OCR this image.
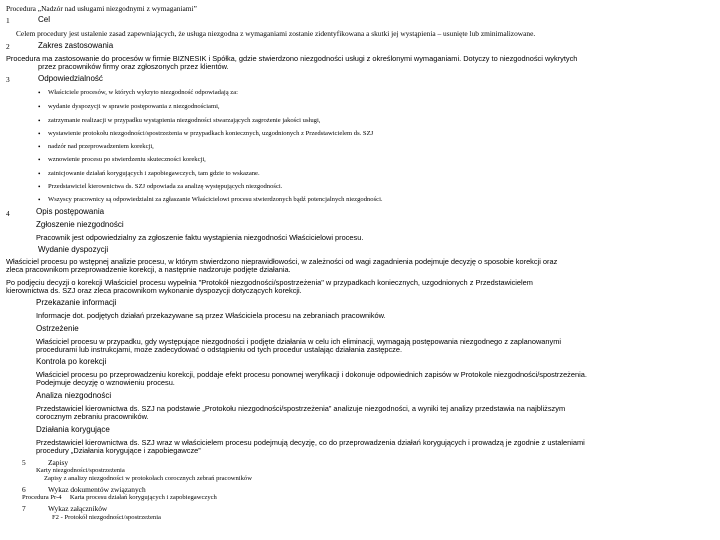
Procedura „Nadzór nad usługami niezgodnymi z wymaganiami”
1	Cel
Celem procedury jest ustalenie zasad zapewniających, że usługa niezgodna z wymaganiami zostanie zidentyfikowana a skutki jej wystąpienia – usunięte lub zminimalizowane.
2	Zakres zastosowania
Procedura ma zastosowanie do procesów w firmie BIZNESIK i Spółka, gdzie stwierdzono niezgodności usługi z określonymi wymaganiami. Dotyczy to niezgodności wykrytych
przez pracowników firmy oraz zgłoszonych przez klientów.
3	Odpowiedzialność
• Właściciele procesów, w których wykryto niezgodność odpowiadają za:
• wydanie dyspozycji w sprawie postępowania z niezgodnościami,
• zatrzymanie realizacji w przypadku wystąpienia niezgodności stwarzających zagrożenie jakości usługi,
• wystawienie protokołu niezgodności/spostrzeżenia w przypadkach koniecznych, uzgodnionych z Przedstawicielem ds. SZJ
• nadzór nad przeprowadzeniem korekcji,
• wznowienie procesu po stwierdzeniu skuteczności korekcji,
• zainicjowanie działań korygujących i zapobiegawczych, tam gdzie to wskazane.
• Przedstawiciel kierownictwa ds. SZJ odpowiada za analizę występujących niezgodności.
• Wszyscy pracownicy są odpowiedzialni za zgłaszanie Właścicielowi procesu stwierdzonych bądź potencjalnych niezgodności.
4	Opis postępowania
Zgłoszenie niezgodności
Pracownik jest odpowiedzialny za zgłoszenie faktu wystąpienia niezgodności Właścicielowi procesu.
Wydanie dyspozycji
Właściciel procesu po wstępnej analizie procesu, w którym stwierdzono nieprawidłowości, w zależności od wagi zagadnienia podejmuje decyzję o sposobie korekcji oraz
zleca pracownikom przeprowadzenie korekcji, a następnie nadzoruje podjęte działania.
Po podjęciu decyzji o korekcji Właściciel procesu wypełnia "Protokół niezgodności/spostrzeżenia" w przypadkach koniecznych, uzgodnionych z Przedstawicielem
kierownictwa ds. SZJ oraz zleca pracownikom wykonanie dyspozycji dotyczących korekcji.
Przekazanie informacji
Informacje dot. podjętych działań przekazywane są przez Właściciela procesu na zebraniach pracowników.
Ostrzeżenie
Właściciel procesu w przypadku, gdy występujące niezgodności i podjęte działania w celu ich eliminacji, wymagają postępowania niezgodnego z zaplanowanymi
procedurami lub instrukcjami, może zadecydować o odstąpieniu od tych procedur ustalając działania zastępcze.
Kontrola po korekcji
Właściciel procesu po przeprowadzeniu korekcji, poddaje efekt procesu ponownej weryfikacji i dokonuje odpowiednich zapisów w Protokole niezgodności/spostrzeżenia.
Podejmuje decyzję o wznowieniu procesu.
Analiza niezgodności
Przedstawiciel kierownictwa ds. SZJ na podstawie „Protokołu niezgodności/spostrzeżenia” analizuje niezgodności, a wyniki tej analizy przedstawia na najbliższym
corocznym zebraniu pracowników.
Działania korygujące
Przedstawiciel kierownictwa ds. SZJ wraz w właścicielem procesu podejmują decyzję, co do przeprowadzenia działań korygujących i prowadzą je zgodnie z ustaleniami
procedury „Działania korygujące i zapobiegawcze”
5	Zapisy
Karty niezgodności/spostrzeżenia
Zapisy z analizy niezgodności w protokołach corocznych zebrań pracowników
6	Wykaz dokumentów związanych
Procedura Pr-4     Karta procesu działań korygujących i zapobiegawczych
7	Wykaz załączników
F2 - Protokół niezgodności/spostrzeżenia
